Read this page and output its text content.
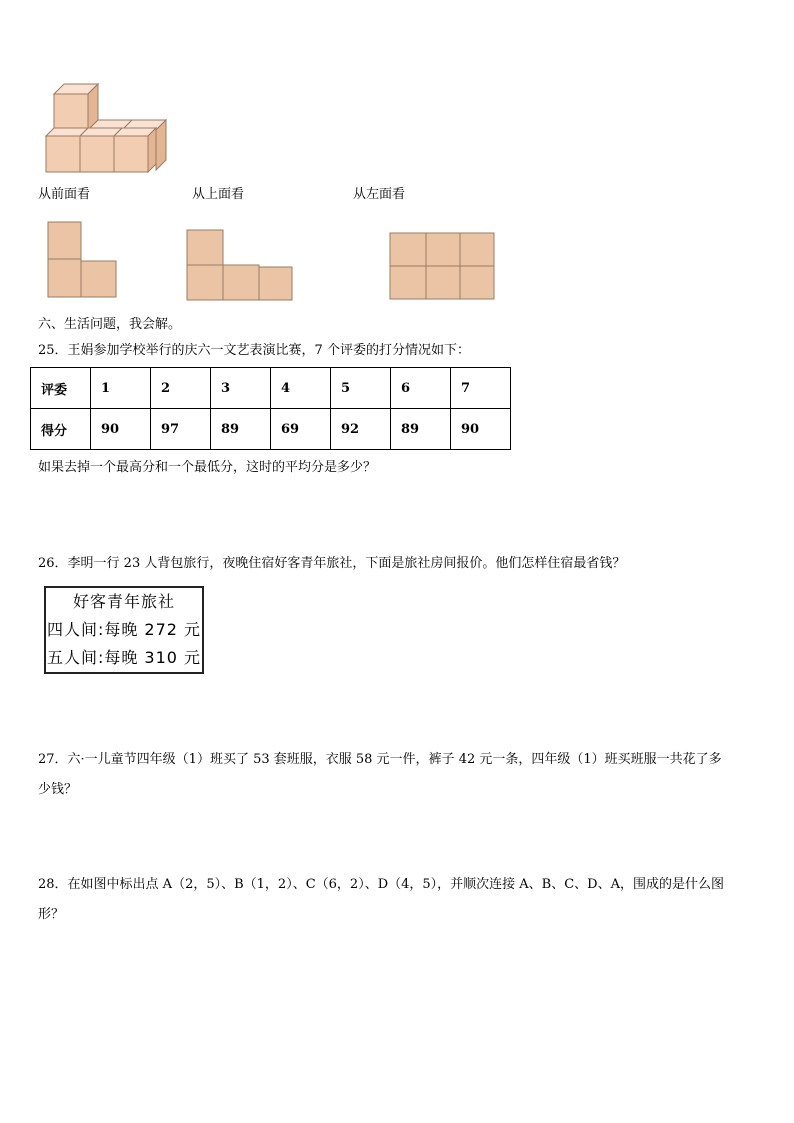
从前面看	从上面看	从左面看
六、生活问题，我会解。
25．王娟参加学校举行的庆六一文艺表演比赛，7 个评委的打分情况如下：
评委	1	2	3	4	5	6	7
得分	90	97	89	69	92	89	90
如果去掉一个最高分和一个最低分，这时的平均分是多少？
26．李明一行 23 人背包旅行，夜晚住宿好客青年旅社，下面是旅社房间报价。他们怎样住宿最省钱？
好客青年旅社
四人间:每晚 272 元
五人间:每晚 310 元
27．六·一儿童节四年级（1）班买了 53 套班服，衣服 58 元一件，裤子 42 元一条，四年级（1）班买班服一共花了多
少钱？
28．在如图中标出点 A（2，5）、B（1，2）、C（6，2）、D（4，5），并顺次连接 A、B、C、D、A，围成的是什么图
形？
